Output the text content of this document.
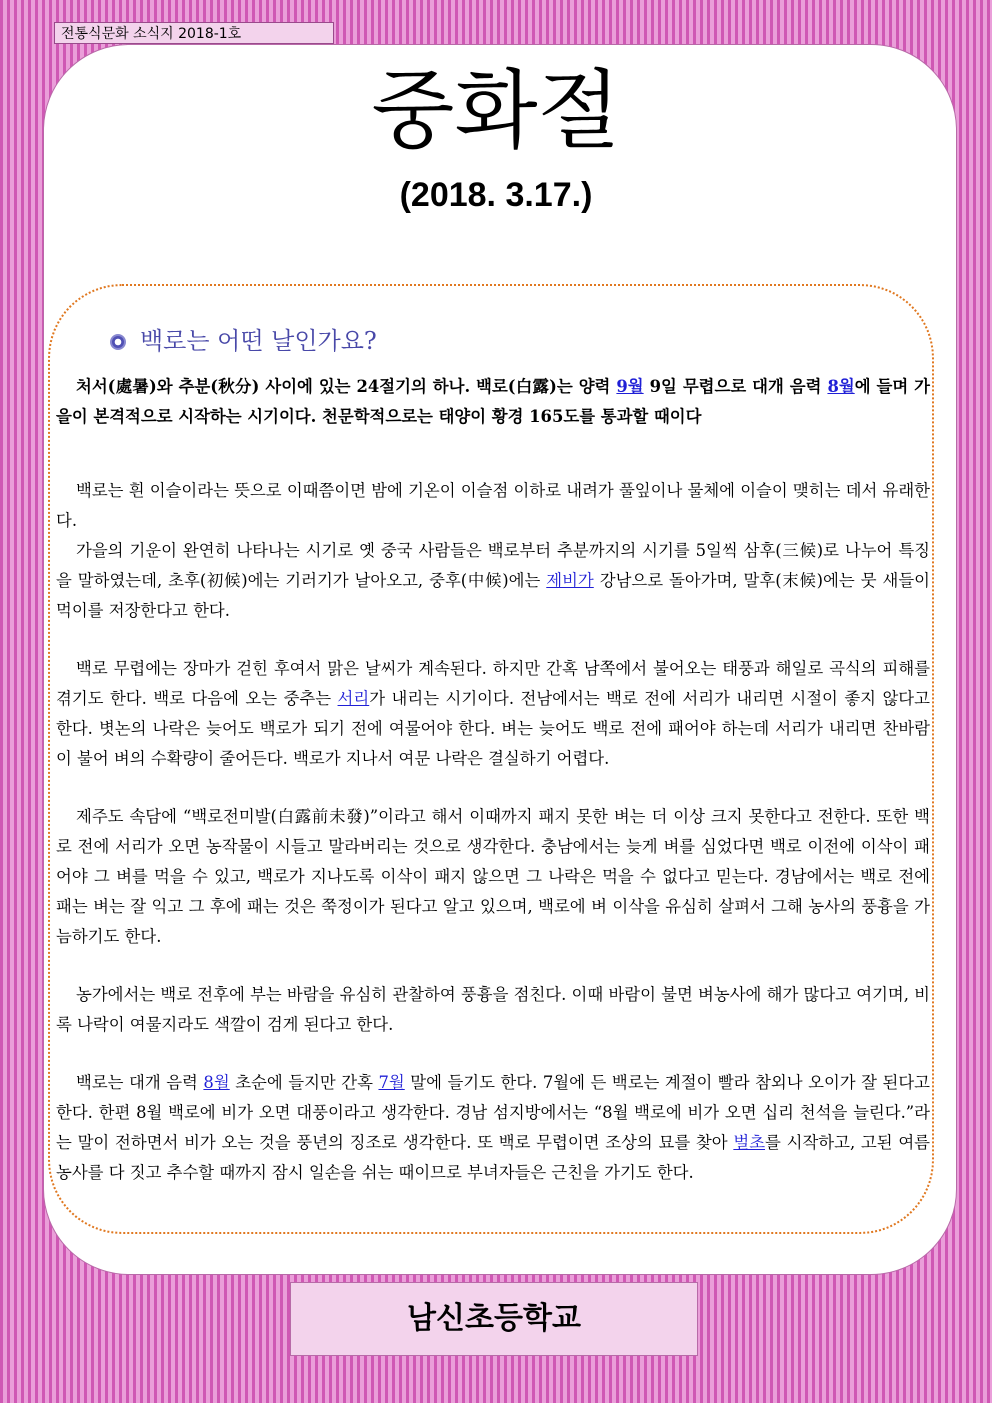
전통식문화 소식지 2018-1호
중화절
(2018. 3.17.)
백로는 어떤 날인가요?

처서(處暑)와 추분(秋分) 사이에 있는 24절기의 하나. 백로(白露)는 양력 9월 9일 무렵으로 대개 음력 8월에 들며 가을이 본격적으로 시작하는 시기이다. 천문학적으로는 태양이 황경 165도를 통과할 때이다

백로는 흰 이슬이라는 뜻으로 이때쯤이면 밤에 기온이 이슬점 이하로 내려가 풀잎이나 물체에 이슬이 맺히는 데서 유래한다.

가을의 기운이 완연히 나타나는 시기로 옛 중국 사람들은 백로부터 추분까지의 시기를 5일씩 삼후(三候)로 나누어 특징을 말하였는데, 초후(初候)에는 기러기가 날아오고, 중후(中候)에는 제비가 강남으로 돌아가며, 말후(末候)에는 뭇 새들이 먹이를 저장한다고 한다.

백로 무렵에는 장마가 걷힌 후여서 맑은 날씨가 계속된다. 하지만 간혹 남쪽에서 불어오는 태풍과 해일로 곡식의 피해를 겪기도 한다. 백로 다음에 오는 중추는 서리가 내리는 시기이다. 전남에서는 백로 전에 서리가 내리면 시절이 좋지 않다고 한다. 볏논의 나락은 늦어도 백로가 되기 전에 여물어야 한다. 벼는 늦어도 백로 전에 패어야 하는데 서리가 내리면 찬바람이 불어 벼의 수확량이 줄어든다. 백로가 지나서 여문 나락은 결실하기 어렵다.

제주도 속담에 “백로전미발(白露前未發)”이라고 해서 이때까지 패지 못한 벼는 더 이상 크지 못한다고 전한다. 또한 백로 전에 서리가 오면 농작물이 시들고 말라버리는 것으로 생각한다. 충남에서는 늦게 벼를 심었다면 백로 이전에 이삭이 패어야 그 벼를 먹을 수 있고, 백로가 지나도록 이삭이 패지 않으면 그 나락은 먹을 수 없다고 믿는다. 경남에서는 백로 전에 패는 벼는 잘 익고 그 후에 패는 것은 쭉정이가 된다고 알고 있으며, 백로에 벼 이삭을 유심히 살펴서 그해 농사의 풍흉을 가늠하기도 한다.

농가에서는 백로 전후에 부는 바람을 유심히 관찰하여 풍흉을 점친다. 이때 바람이 불면 벼농사에 해가 많다고 여기며, 비록 나락이 여물지라도 색깔이 검게 된다고 한다.

백로는 대개 음력 8월 초순에 들지만 간혹 7월 말에 들기도 한다. 7월에 든 백로는 계절이 빨라 참외나 오이가 잘 된다고 한다. 한편 8월 백로에 비가 오면 대풍이라고 생각한다. 경남 섬지방에서는 “8월 백로에 비가 오면 십리 천석을 늘린다.”라는 말이 전하면서 비가 오는 것을 풍년의 징조로 생각한다. 또 백로 무렵이면 조상의 묘를 찾아 벌초를 시작하고, 고된 여름농사를 다 짓고 추수할 때까지 잠시 일손을 쉬는 때이므로 부녀자들은 근친을 가기도 한다.

남신초등학교
